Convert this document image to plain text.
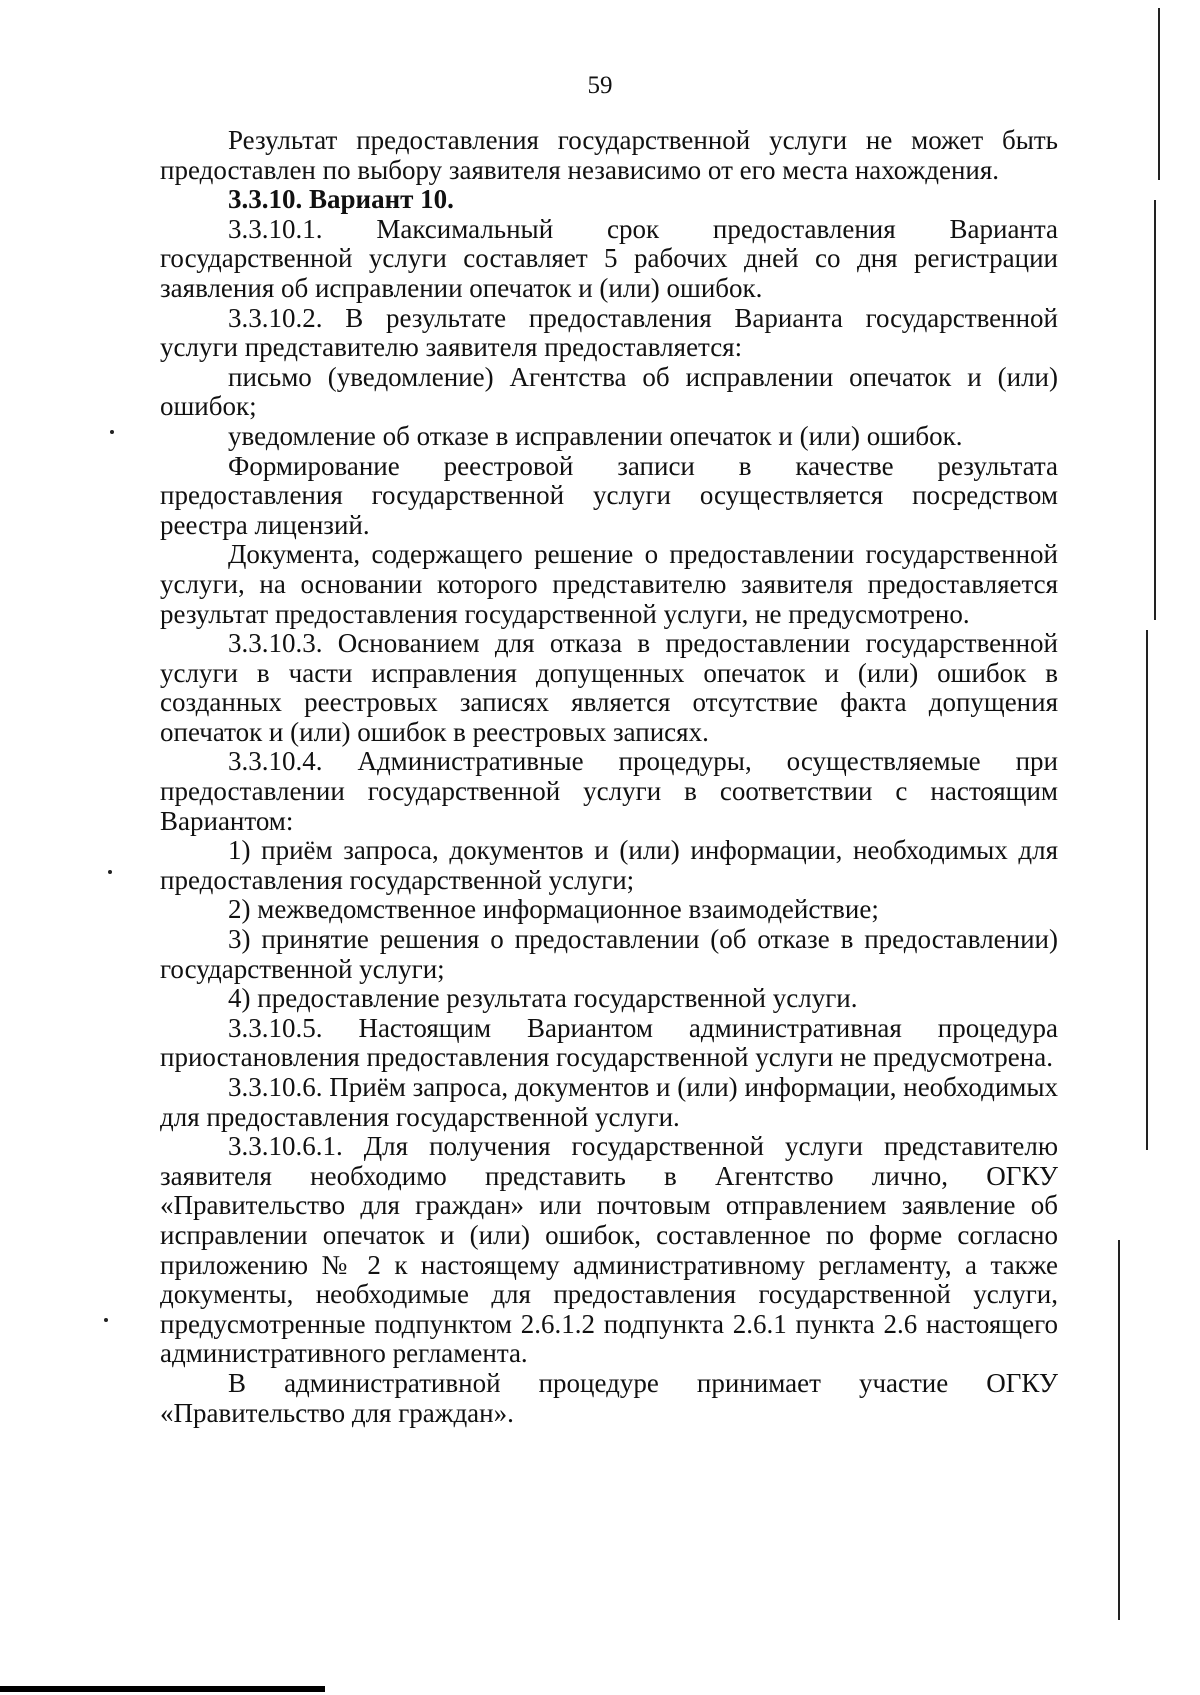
59

Результат предоставления государственной услуги не может быть предоставлен по выбору заявителя независимо от его места нахождения.

3.3.10. Вариант 10.

3.3.10.1. Максимальный срок предоставления Варианта государственной услуги составляет 5 рабочих дней со дня регистрации заявления об исправлении опечаток и (или) ошибок.

3.3.10.2. В результате предоставления Варианта государственной услуги представителю заявителя предоставляется:

письмо (уведомление) Агентства об исправлении опечаток и (или) ошибок;

уведомление об отказе в исправлении опечаток и (или) ошибок.

Формирование реестровой записи в качестве результата предоставления государственной услуги осуществляется посредством реестра лицензий.

Документа, содержащего решение о предоставлении государственной услуги, на основании которого представителю заявителя предоставляется результат предоставления государственной услуги, не предусмотрено.

3.3.10.3. Основанием для отказа в предоставлении государственной услуги в части исправления допущенных опечаток и (или) ошибок в созданных реестровых записях является отсутствие факта допущения опечаток и (или) ошибок в реестровых записях.

3.3.10.4. Административные процедуры, осуществляемые при предоставлении государственной услуги в соответствии с настоящим Вариантом:

1) приём запроса, документов и (или) информации, необходимых для предоставления государственной услуги;

2) межведомственное информационное взаимодействие;

3) принятие решения о предоставлении (об отказе в предоставлении) государственной услуги;

4) предоставление результата государственной услуги.

3.3.10.5. Настоящим Вариантом административная процедура приостановления предоставления государственной услуги не предусмотрена.

3.3.10.6. Приём запроса, документов и (или) информации, необходимых для предоставления государственной услуги.

3.3.10.6.1. Для получения государственной услуги представителю заявителя необходимо представить в Агентство лично, ОГКУ «Правительство для граждан» или почтовым отправлением заявление об исправлении опечаток и (или) ошибок, составленное по форме согласно приложению № 2 к настоящему административному регламенту, а также документы, необходимые для предоставления государственной услуги, предусмотренные подпунктом 2.6.1.2 подпункта 2.6.1 пункта 2.6 настоящего административного регламента.

В административной процедуре принимает участие ОГКУ «Правительство для граждан».
